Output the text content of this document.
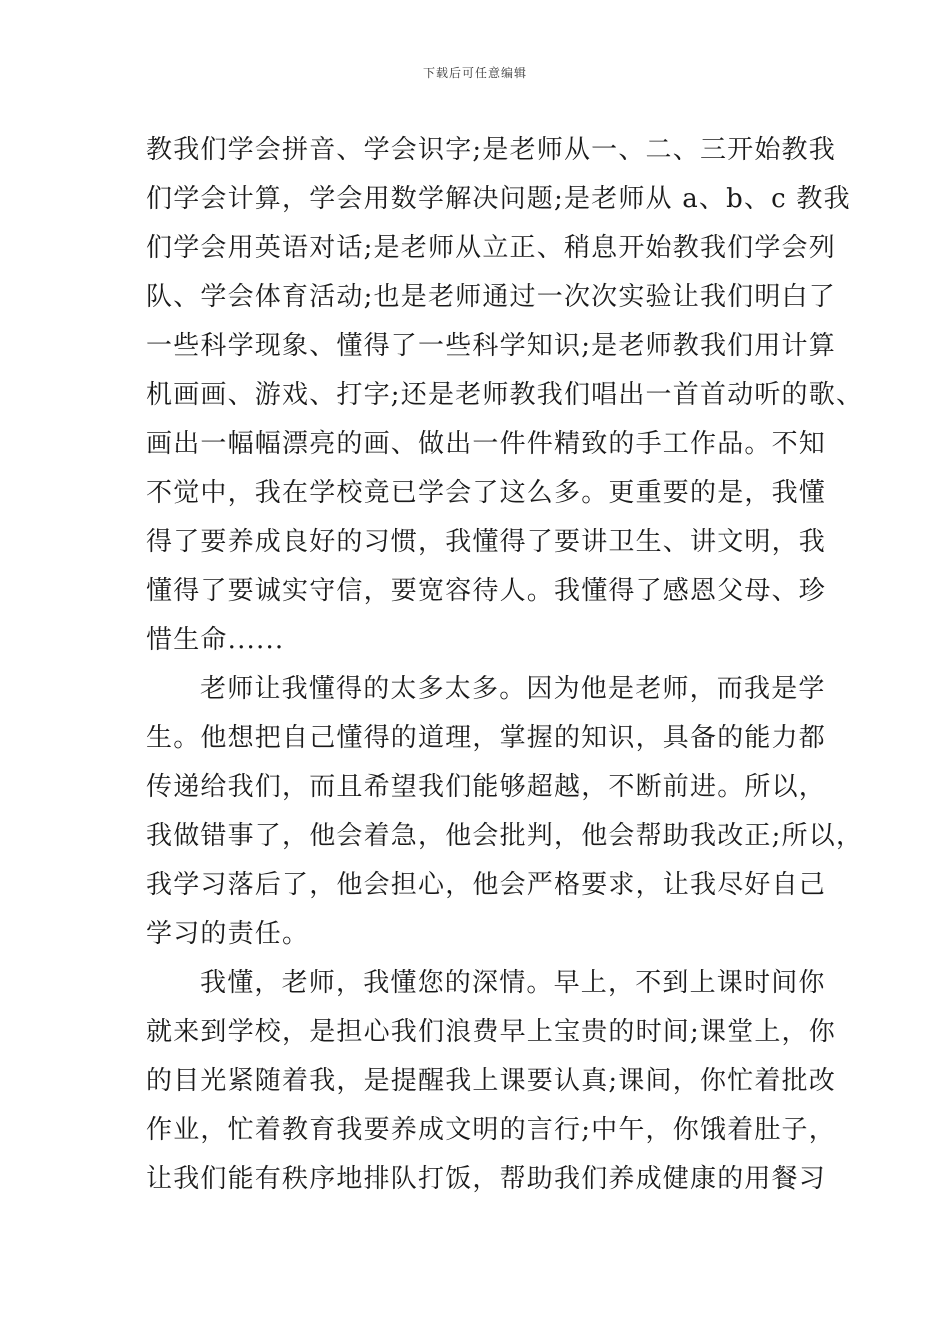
下载后可任意编辑
教我们学会拼音、学会识字;是老师从一、二、三开始教我
们学会计算，学会用数学解决问题;是老师从 a、b、c 教我
们学会用英语对话;是老师从立正、稍息开始教我们学会列
队、学会体育活动;也是老师通过一次次实验让我们明白了
一些科学现象、懂得了一些科学知识;是老师教我们用计算
机画画、游戏、打字;还是老师教我们唱出一首首动听的歌、
画出一幅幅漂亮的画、做出一件件精致的手工作品。不知
不觉中，我在学校竟已学会了这么多。更重要的是，我懂
得了要养成良好的习惯，我懂得了要讲卫生、讲文明，我
懂得了要诚实守信，要宽容待人。我懂得了感恩父母、珍
惜生命......
老师让我懂得的太多太多。因为他是老师，而我是学
生。他想把自己懂得的道理，掌握的知识，具备的能力都
传递给我们，而且希望我们能够超越，不断前进。所以，
我做错事了，他会着急，他会批判，他会帮助我改正;所以，
我学习落后了，他会担心，他会严格要求，让我尽好自己
学习的责任。
我懂，老师，我懂您的深情。早上，不到上课时间你
就来到学校，是担心我们浪费早上宝贵的时间;课堂上，你
的目光紧随着我，是提醒我上课要认真;课间，你忙着批改
作业，忙着教育我要养成文明的言行;中午，你饿着肚子，
让我们能有秩序地排队打饭，帮助我们养成健康的用餐习
